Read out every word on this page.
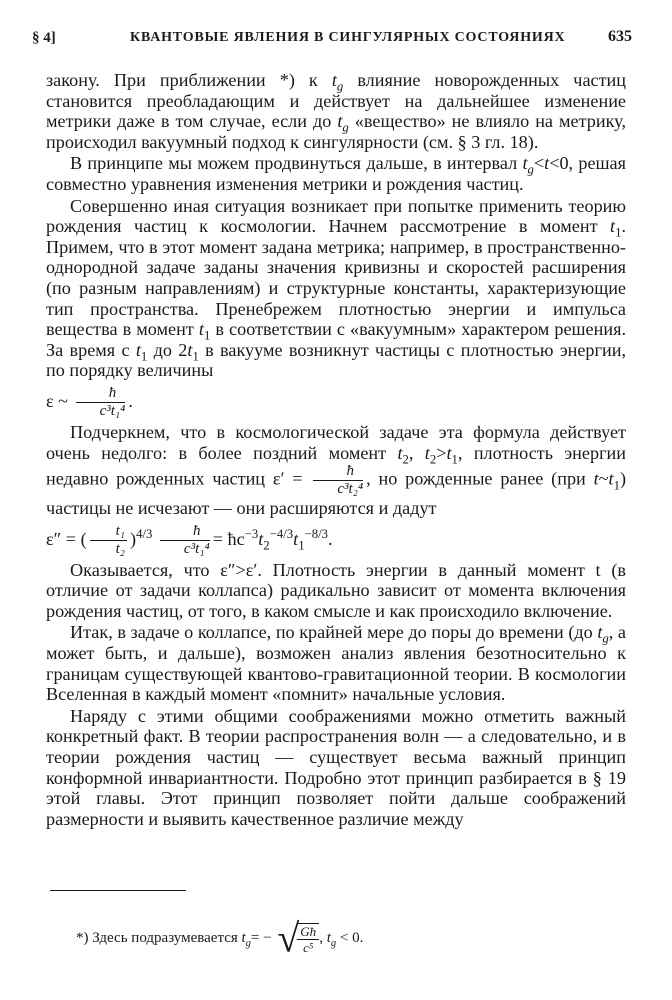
§ 4]	КВАНТОВЫЕ ЯВЛЕНИЯ В СИНГУЛЯРНЫХ СОСТОЯНИЯХ	635

закону. При приближении *) к $t_g$ влияние новорожденных частиц становится преобладающим и действует на дальнейшее изменение метрики даже в том случае, если до $t_g$ «вещество» не влияло на метрику, происходил вакуумный подход к сингулярности (см. § 3 гл. 18).

В принципе мы можем продвинуться дальше, в интервал $t_g<t<0$, решая совместно уравнения изменения метрики и рождения частиц.

Совершенно иная ситуация возникает при попытке применить теорию рождения частиц к космологии. Начнем рассмотрение в момент $t_1$. Примем, что в этот момент задана метрика; например, в пространственно-однородной задаче заданы значения кривизны и скоростей расширения (по разным направлениям) и структурные константы, характеризующие тип пространства. Пренебрежем плотностью энергии и импульса вещества в момент $t_1$ в соответствии с «вакуумным» характером решения. За время с $t_1$ до $2t_1$ в вакууме возникнут частицы с плотностью энергии, по порядку величины
ε ~ $\frac{ħ}{\text{c³t₁⁴}}$ .

Подчеркнем, что в космологической задаче эта формула действует очень недолго: в более поздний момент $t_2$, $t_2>t_1$, плотность энергии недавно рожденных частиц $\varepsilon' = \frac{ħ}{\text{c³t₂⁴}}$ , но рожденные ранее (при $t\sim t_1$) частицы не исчезают — они расширяются и дадут
ε″ = ( $\frac{\text{t₁}}{\text{t₂}} )^{4/3} \frac{ħ}{\text{c³t₁⁴}}$ = $ħc^{-3}t_2^{-4/3}t_1^{-8/3}$.

Оказывается, что ε″>ε′. Плотность энергии в данный момент t (в отличие от задачи коллапса) радикально зависит от момента включения рождения частиц, от того, в каком смысле и как происходило включение.

Итак, в задаче о коллапсе, по крайней мере до поры до времени (до $t_g$, а может быть, и дальше), возможен анализ явления безотносительно к границам существующей квантово-гравитационной теории. В космологии Вселенная в каждый момент «помнит» начальные условия.

Наряду с этими общими соображениями можно отметить важный конкретный факт. В теории распространения волн — а следовательно, и в теории рождения частиц — существует весьма важный принцип конформной инвариантности. Подробно этот принцип разбирается в § 19 этой главы. Этот принцип позволяет пойти дальше соображений размерности и выявить качественное различие между

*) Здесь подразумевается $t_g=$ − √
$\frac{Għ}{\text{c⁵}}$ , $t_g < 0$.
